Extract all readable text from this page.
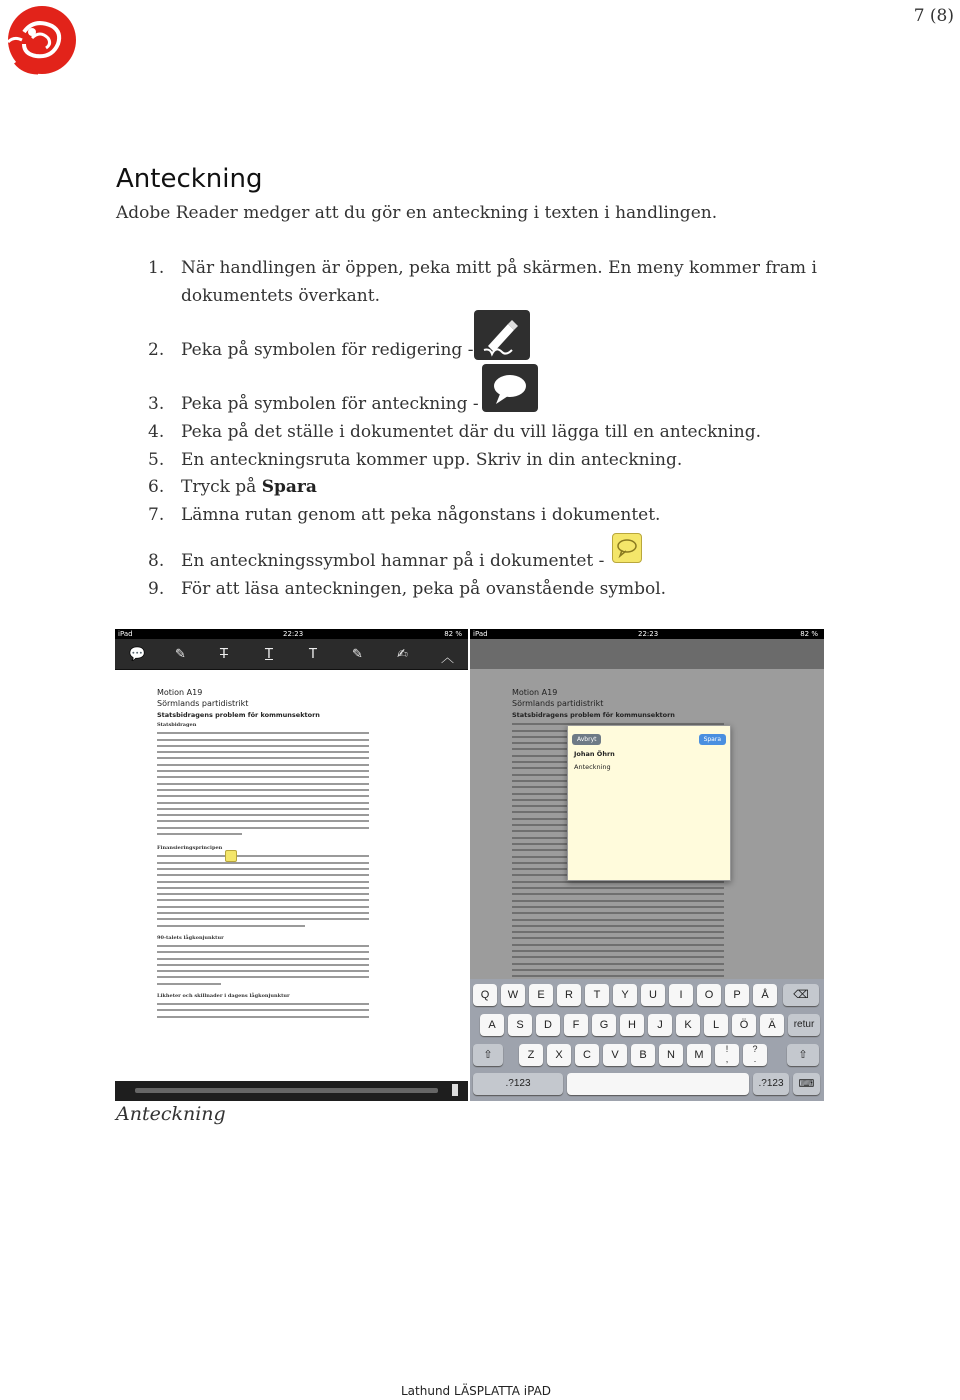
7 (8)
Anteckning
Adobe Reader medger att du gör en anteckning i texten i handlingen.
1. När handlingen är öppen, peka mitt på skärmen. En meny kommer fram i
dokumentets överkant.
2. Peka på symbolen för redigering -
3. Peka på symbolen för anteckning -
4. Peka på det ställe i dokumentet där du vill lägga till en anteckning.
5. En anteckningsruta kommer upp. Skriv in din anteckning.
6. Tryck på Spara
7. Lämna rutan genom att peka någonstans i dokumentet.
8. En anteckningssymbol hamnar på i dokumentet -
9. För att läsa anteckningen, peka på ovanstående symbol.
iPad	22:23	82 %
💬 ✎	T	T	T	✎	✍	︿
Motion A19
Sörmlands partidistrikt
Statsbidragens problem för kommunsektorn
Statsbidragen
Finansieringsprincipen
90-talets lågkonjunktur
Likheter och skillnader i dagens lågkonjunktur
iPad	22:23	82 %
Motion A19
Sörmlands partidistrikt
Statsbidragens problem för kommunsektorn
Avbryt	Spara
Johan Öhrn
Anteckning
Q	W	E	R	T	Y	U	I	O	P	Å	⌫
A	S	D	F	G	H	J	K	L	Ö	Ä	retur
⇧	Z	X	C	V	B	N	M	!
,
?
.	⇧
.?123	.?123	⌨
Anteckning
Lathund LÄSPLATTA iPAD
